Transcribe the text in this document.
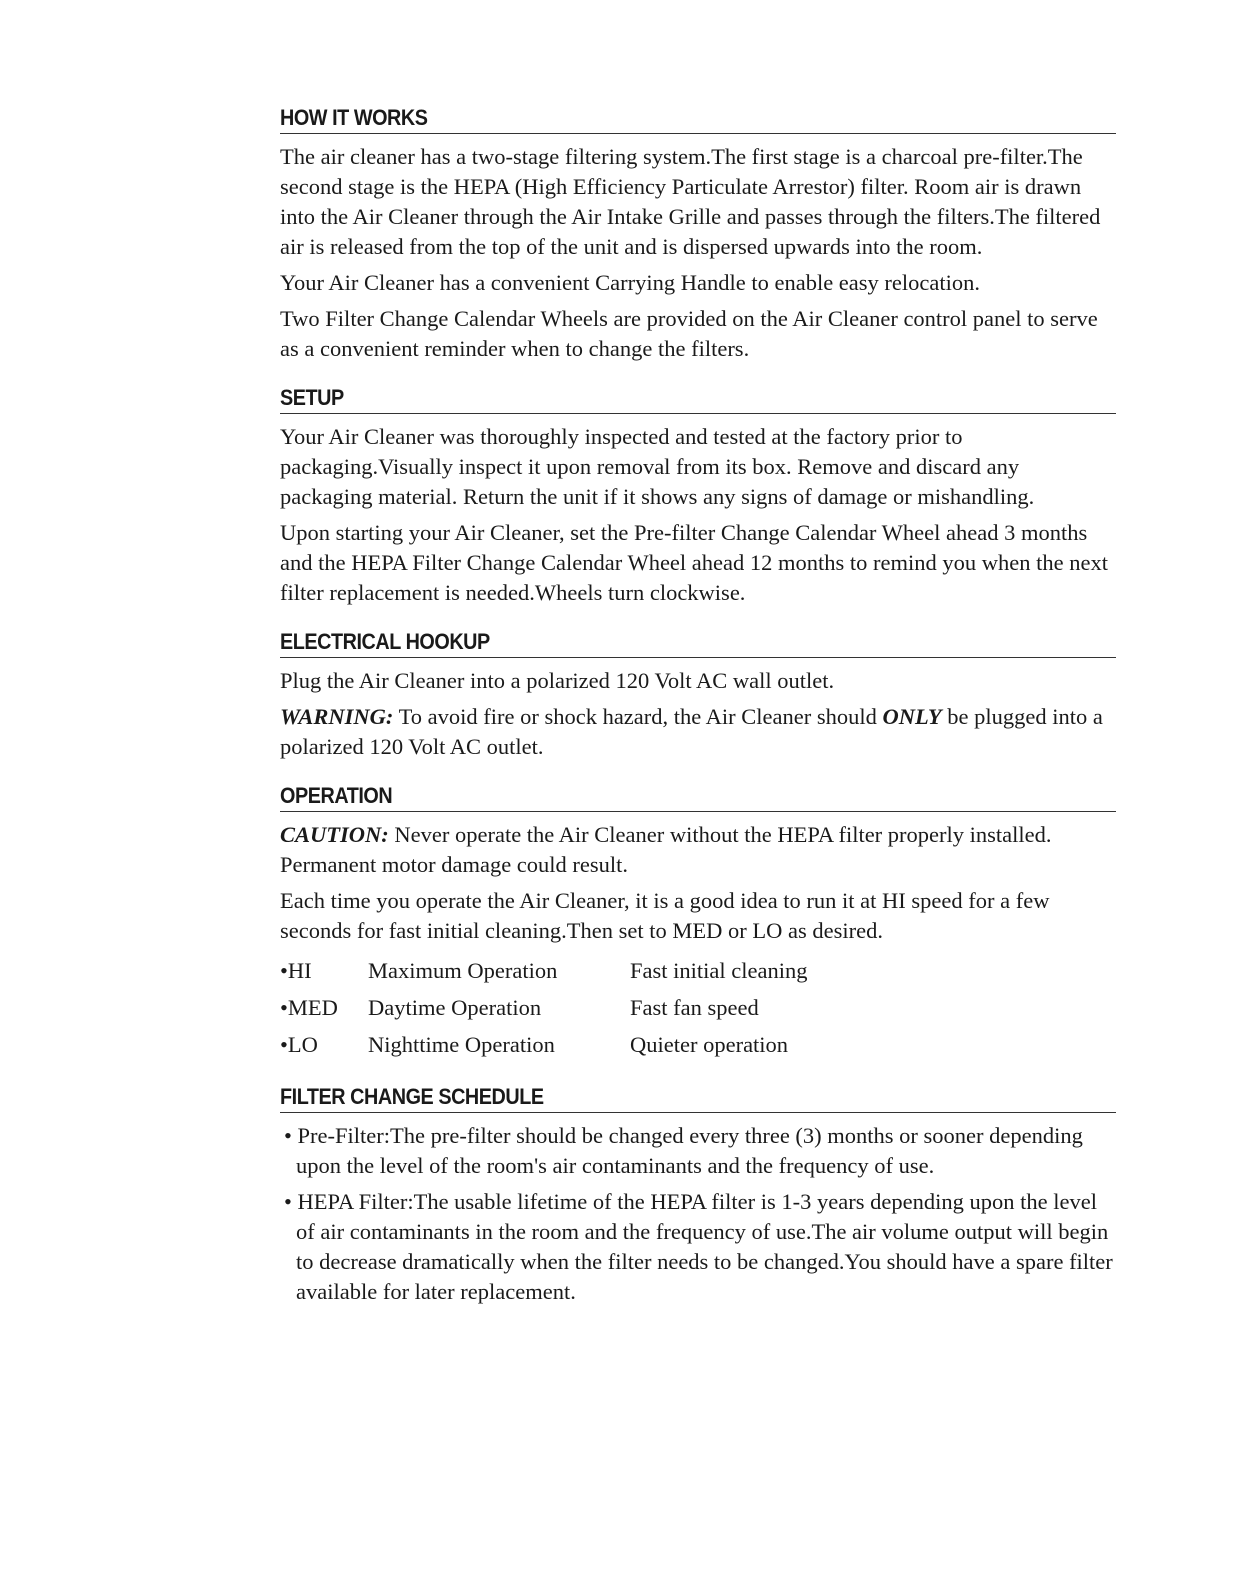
HOW IT WORKS

The air cleaner has a two-stage filtering system.The first stage is a charcoal pre-filter.The second stage is the HEPA (High Efficiency Particulate Arrestor) filter. Room air is drawn into the Air Cleaner through the Air Intake Grille and passes through the filters.The filtered air is released from the top of the unit and is dispersed upwards into the room.

Your Air Cleaner has a convenient Carrying Handle to enable easy relocation.

Two Filter Change Calendar Wheels are provided on the Air Cleaner control panel to serve as a convenient reminder when to change the filters.

SETUP

Your Air Cleaner was thoroughly inspected and tested at the factory prior to packaging.Visually inspect it upon removal from its box. Remove and discard any packaging material. Return the unit if it shows any signs of damage or mishandling.

Upon starting your Air Cleaner, set the Pre-filter Change Calendar Wheel ahead 3 months and the HEPA Filter Change Calendar Wheel ahead 12 months to remind you when the next filter replacement is needed.Wheels turn clockwise.

ELECTRICAL HOOKUP

Plug the Air Cleaner into a polarized 120 Volt AC wall outlet.

WARNING: To avoid fire or shock hazard, the Air Cleaner should ONLY be plugged into a polarized 120 Volt AC outlet.

OPERATION

CAUTION: Never operate the Air Cleaner without the HEPA filter properly installed. Permanent motor damage could result.

Each time you operate the Air Cleaner, it is a good idea to run it at HI speed for a few seconds for fast initial cleaning.Then set to MED or LO as desired.

•HI	Maximum Operation	Fast initial cleaning
•MED	Daytime Operation	Fast fan speed
•LO	Nighttime Operation	Quieter operation
FILTER CHANGE SCHEDULE
• Pre-Filter:The pre-filter should be changed every three (3) months or sooner depending upon the level of the room's air contaminants and the frequency of use.
• HEPA Filter:The usable lifetime of the HEPA filter is 1-3 years depending upon the level of air contaminants in the room and the frequency of use.The air volume output will begin to decrease dramatically when the filter needs to be changed.You should have a spare filter available for later replacement.
